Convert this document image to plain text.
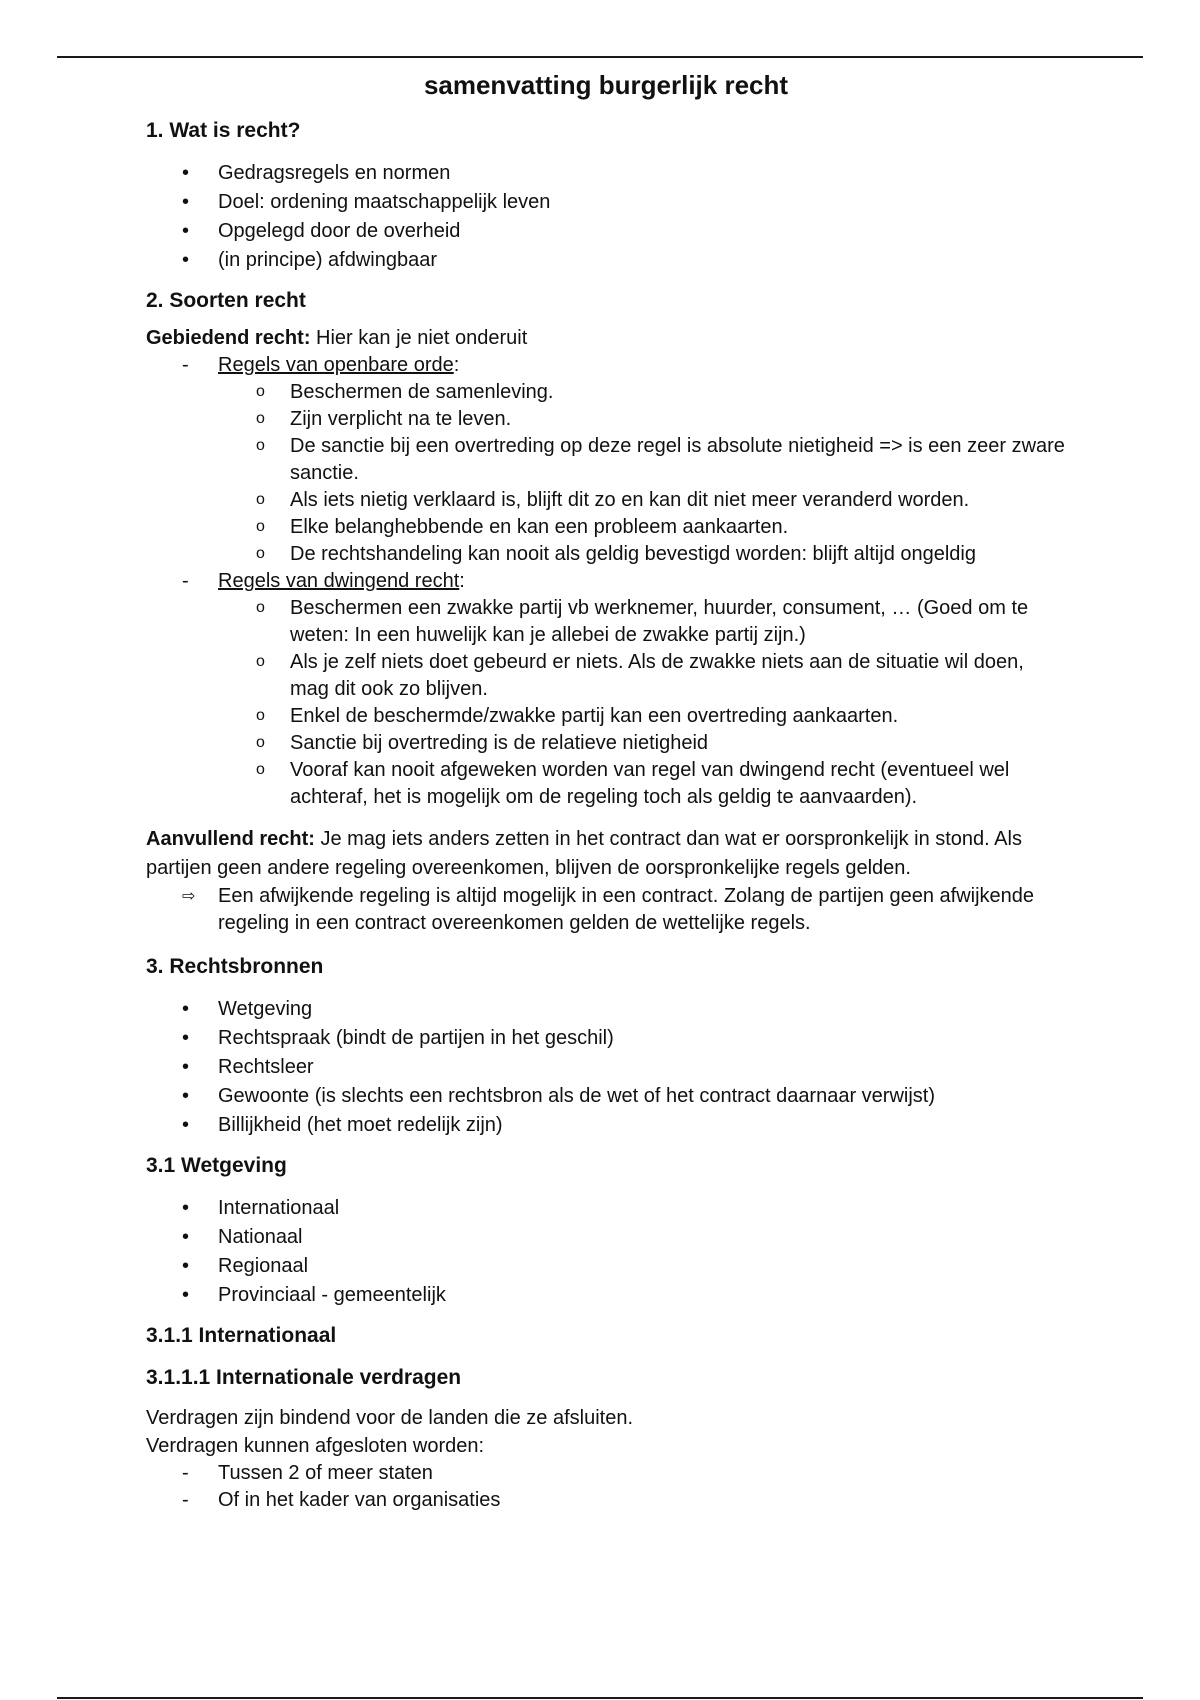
samenvatting burgerlijk recht
1. Wat is recht?
• Gedragsregels en normen
• Doel: ordening maatschappelijk leven
• Opgelegd door de overheid
• (in principe) afdwingbaar
2. Soorten recht

Gebiedend recht: Hier kan je niet onderuit

- Regels van openbare orde:
o Beschermen de samenleving.
o Zijn verplicht na te leven.
o De sanctie bij een overtreding op deze regel is absolute nietigheid => is een zeer zware sanctie.
o Als iets nietig verklaard is, blijft dit zo en kan dit niet meer veranderd worden.
o Elke belanghebbende en kan een probleem aankaarten.
o De rechtshandeling kan nooit als geldig bevestigd worden: blijft altijd ongeldig
- Regels van dwingend recht:
o Beschermen een zwakke partij vb werknemer, huurder, consument, … (Goed om te weten: In een huwelijk kan je allebei de zwakke partij zijn.)
o Als je zelf niets doet gebeurd er niets. Als de zwakke niets aan de situatie wil doen, mag dit ook zo blijven.
o Enkel de beschermde/zwakke partij kan een overtreding aankaarten.
o Sanctie bij overtreding is de relatieve nietigheid
o Vooraf kan nooit afgeweken worden van regel van dwingend recht (eventueel wel achteraf, het is mogelijk om de regeling toch als geldig te aanvaarden).

Aanvullend recht: Je mag iets anders zetten in het contract dan wat er oorspronkelijk in stond. Als partijen geen andere regeling overeenkomen, blijven de oorspronkelijke regels gelden.

⇨ Een afwijkende regeling is altijd mogelijk in een contract. Zolang de partijen geen afwijkende regeling in een contract overeenkomen gelden de wettelijke regels.
3. Rechtsbronnen
• Wetgeving
• Rechtspraak (bindt de partijen in het geschil)
• Rechtsleer
• Gewoonte (is slechts een rechtsbron als de wet of het contract daarnaar verwijst)
• Billijkheid (het moet redelijk zijn)
3.1 Wetgeving
• Internationaal
• Nationaal
• Regionaal
• Provinciaal - gemeentelijk
3.1.1 Internationaal
3.1.1.1 Internationale verdragen

Verdragen zijn bindend voor de landen die ze afsluiten.

Verdragen kunnen afgesloten worden:

- Tussen 2 of meer staten
- Of in het kader van organisaties
